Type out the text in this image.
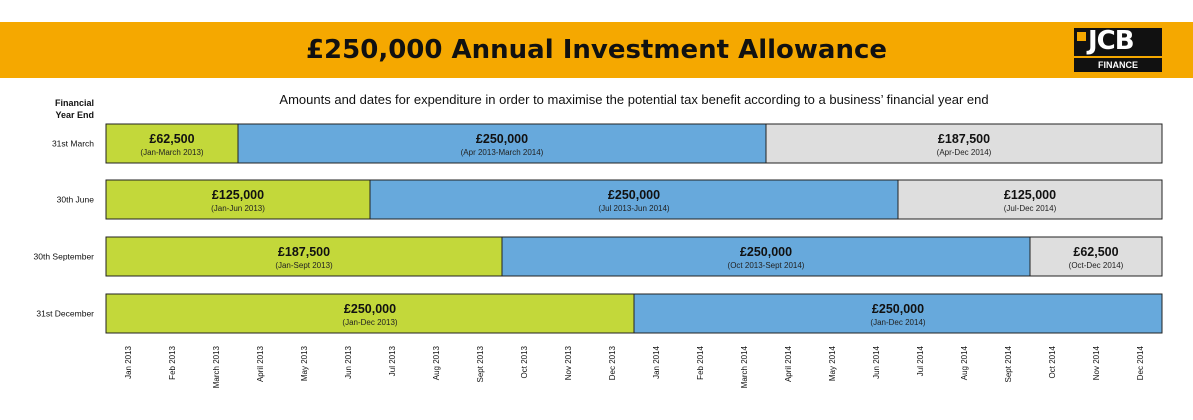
£250,000 Annual Investment Allowance	JCB
FINANCE
Financial
Year End
Amounts and dates for expenditure in order to maximise the potential tax benefit according to a business’ financial year end
31st March	£62,500
(Jan-March 2013)
£250,000
(Apr 2013-March 2014)
£187,500
(Apr-Dec 2014)
30th June	£125,000
(Jan-Jun 2013)
£250,000
(Jul 2013-Jun 2014)
£125,000
(Jul-Dec 2014)
30th September	£187,500
(Jan-Sept 2013)
£250,000
(Oct 2013-Sept 2014)
£62,500
(Oct-Dec 2014)
31st December	£250,000
(Jan-Dec 2013)
£250,000
(Jan-Dec 2014)
Jan 2013	Feb 2013	March 2013	April 2013	May 2013	Jun 2013	Jul 2013	Aug 2013	Sept 2013	Oct 2013	Nov 2013	Dec 2013	Jan 2014	Feb 2014	March 2014	April 2014	May 2014	Jun 2014	Jul 2014	Aug 2014	Sept 2014	Oct 2014	Nov 2014	Dec 2014
